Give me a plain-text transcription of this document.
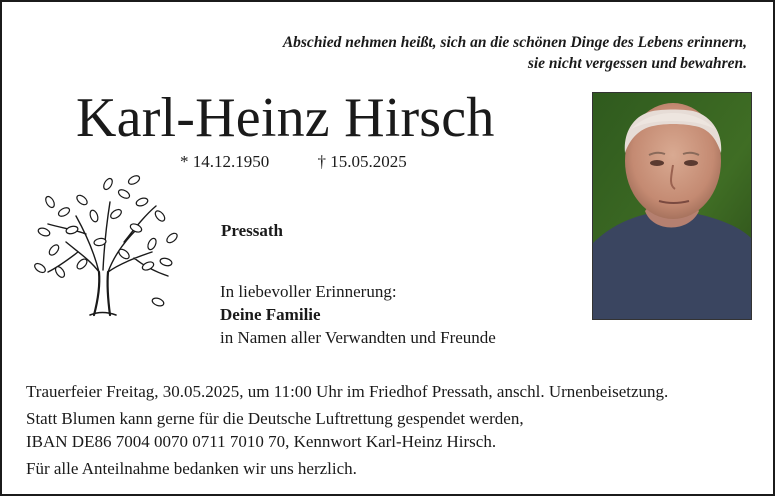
Abschied nehmen heißt, sich an die schönen Dinge des Lebens erinnern,
sie nicht vergessen und bewahren.
Karl-Heinz Hirsch
* 14.12.1950	† 15.05.2025
Pressath
In liebevoller Erinnerung:
Deine Familie
in Namen aller Verwandten und Freunde
Trauerfeier Freitag, 30.05.2025, um 11:00 Uhr im Friedhof Pressath, anschl. Urnenbeisetzung.
Statt Blumen kann gerne für die Deutsche Luftrettung gespendet werden,
IBAN DE86 7004 0070 0711 7010 70, Kennwort Karl-Heinz Hirsch.
Für alle Anteilnahme bedanken wir uns herzlich.
